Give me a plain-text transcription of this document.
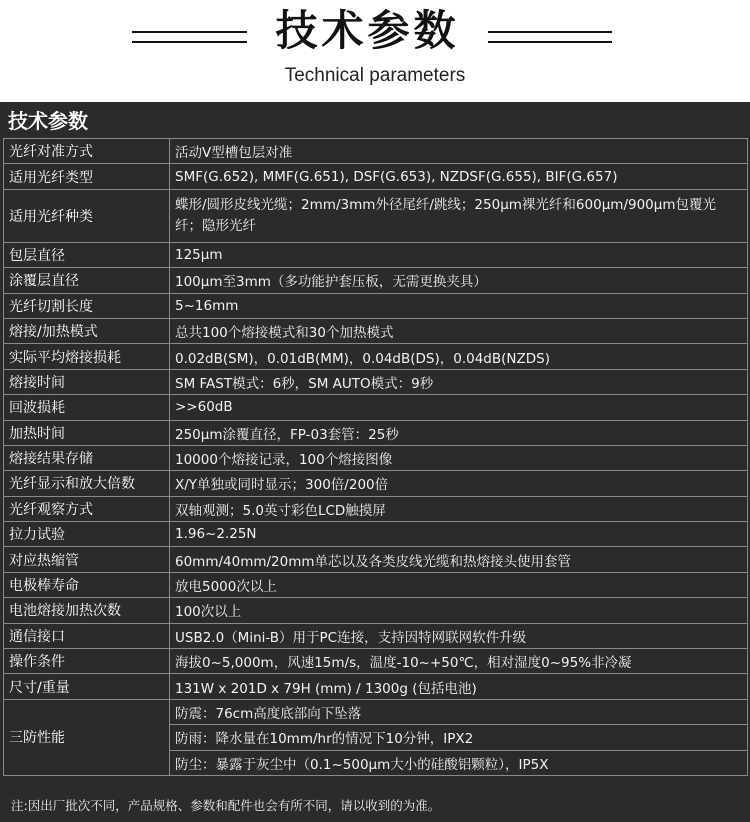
技术参数
Technical parameters
技术参数
光纤对准方式	活动V型槽包层对准
适用光纤类型	SMF(G.652), MMF(G.651), DSF(G.653), NZDSF(G.655), BIF(G.657)
适用光纤种类	蝶形/圆形皮线光缆；2mm/3mm外径尾纤/跳线；250μm裸光纤和600μm/900μm包覆光纤；隐形光纤
包层直径	125μm
涂覆层直径	100μm至3mm（多功能护套压板，无需更换夹具）
光纤切割长度	5~16mm
熔接/加热模式	总共100个熔接模式和30个加热模式
实际平均熔接损耗	0.02dB(SM)，0.01dB(MM)，0.04dB(DS)，0.04dB(NZDS)
熔接时间	SM FAST模式：6秒，SM AUTO模式：9秒
回波损耗	>>60dB
加热时间	250μm涂覆直径，FP-03套管：25秒
熔接结果存储	10000个熔接记录，100个熔接图像
光纤显示和放大倍数	X/Y单独或同时显示；300倍/200倍
光纤观察方式	双轴观测；5.0英寸彩色LCD触摸屏
拉力试验	1.96~2.25N
对应热缩管	60mm/40mm/20mm单芯以及各类皮线光缆和热熔接头使用套管
电极棒寿命	放电5000次以上
电池熔接加热次数	100次以上
通信接口	USB2.0（Mini-B）用于PC连接，支持因特网联网软件升级
操作条件	海拔0~5,000m，风速15m/s，温度-10~+50℃，相对湿度0~95%非冷凝
尺寸/重量	131W x 201D x 79H (mm) / 1300g (包括电池)
三防性能	防震：76cm高度底部向下坠落
	防雨：降水量在10mm/hr的情况下10分钟，IPX2
	防尘：暴露于灰尘中（0.1~500μm大小的硅酸铝颗粒），IP5X
注:因出厂批次不同，产品规格、参数和配件也会有所不同，请以收到的为准。
